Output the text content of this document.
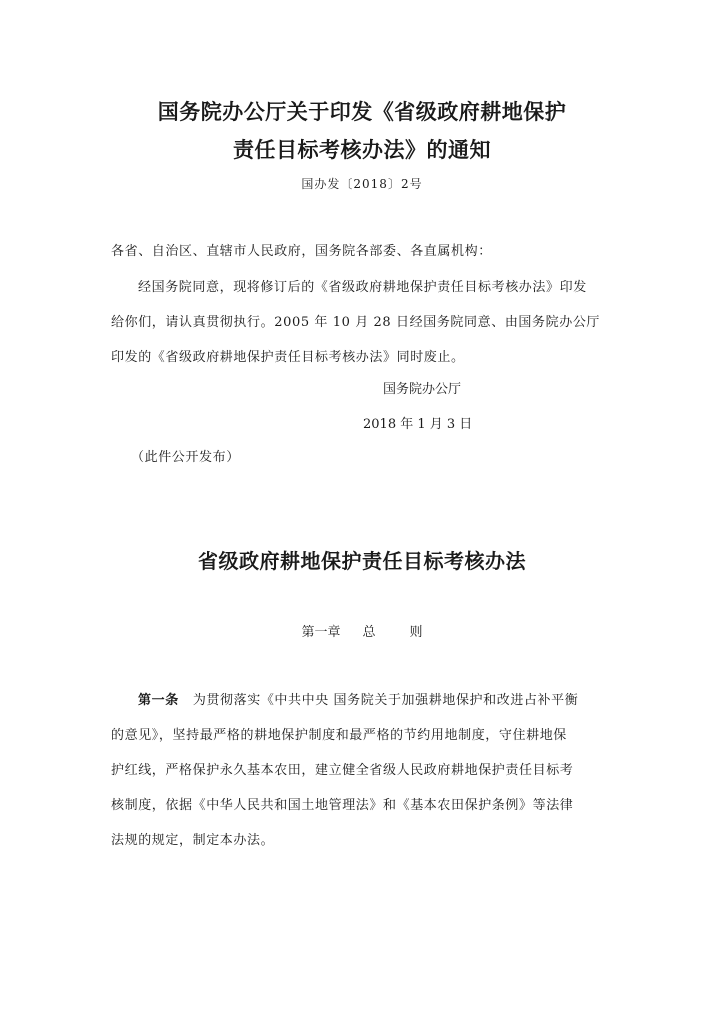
国务院办公厅关于印发《省级政府耕地保护
责任目标考核办法》的通知
国办发〔2018〕2号
各省、自治区、直辖市人民政府，国务院各部委、各直属机构：
经国务院同意，现将修订后的《省级政府耕地保护责任目标考核办法》印发
给你们，请认真贯彻执行。2005 年 10 月 28 日经国务院同意、由国务院办公厅
印发的《省级政府耕地保护责任目标考核办法》同时废止。
国务院办公厅
2018 年 1 月 3 日
（此件公开发布）
省级政府耕地保护责任目标考核办法
第一章 总	则
第一条 为贯彻落实《中共中央 国务院关于加强耕地保护和改进占补平衡
的意见》，坚持最严格的耕地保护制度和最严格的节约用地制度，守住耕地保
护红线，严格保护永久基本农田，建立健全省级人民政府耕地保护责任目标考
核制度，依据《中华人民共和国土地管理法》和《基本农田保护条例》等法律
法规的规定，制定本办法。
